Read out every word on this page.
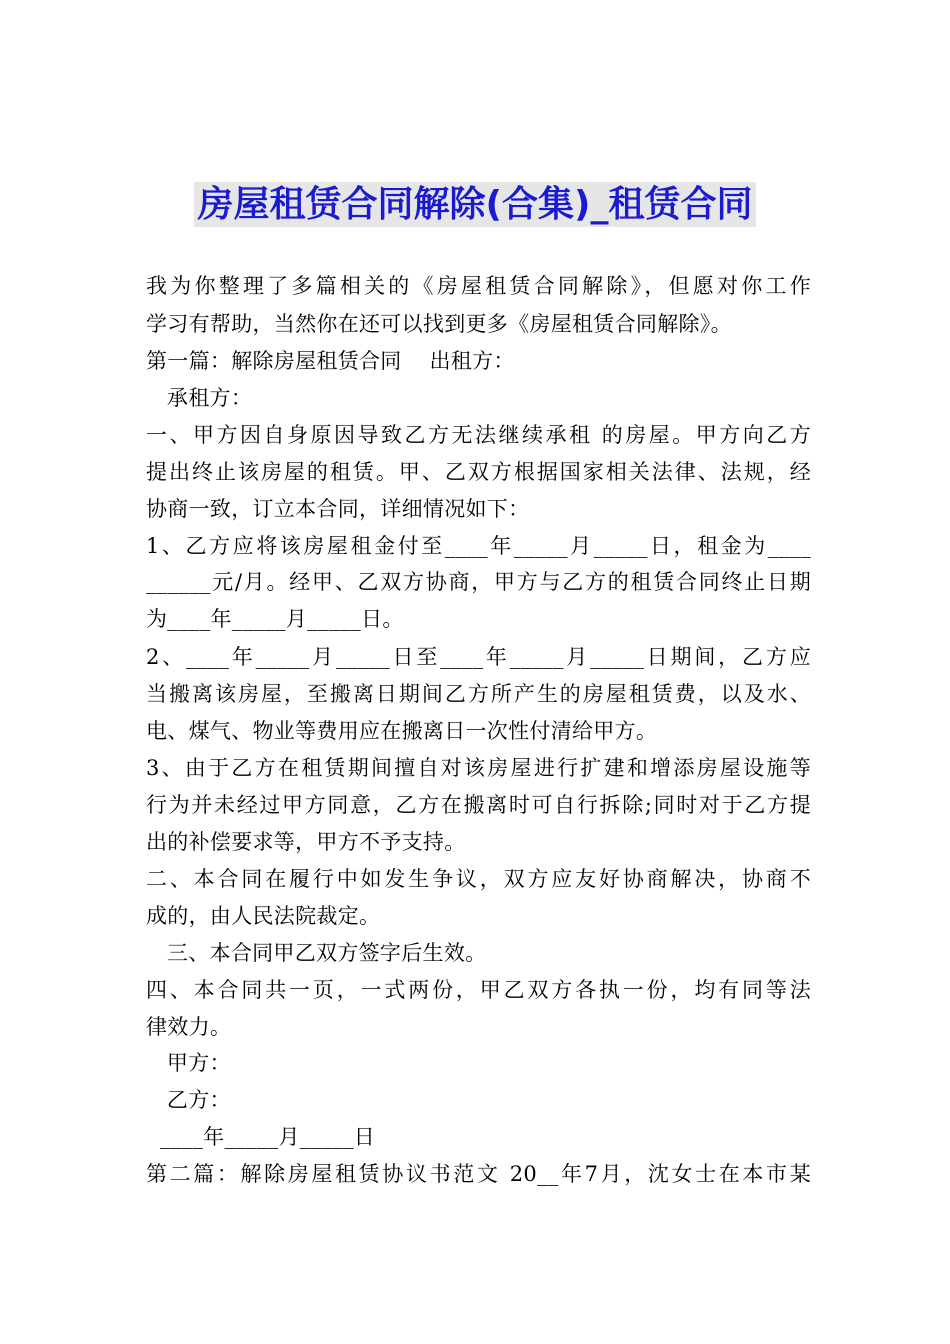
房屋租赁合同解除(合集)_租赁合同
我为你整理了多篇相关的《房屋租赁合同解除》，但愿对你工作
学习有帮助，当然你在还可以找到更多《房屋租赁合同解除》。
第一篇：解除房屋租赁合同    出租方：
承租方：
一、甲方因自身原因导致乙方无法继续承租 的房屋。甲方向乙方
提出终止该房屋的租赁。甲、乙双方根据国家相关法律、法规，经
协商一致，订立本合同，详细情况如下：
1、乙方应将该房屋租金付至____年_____月_____日，租金为____
______元/月。经甲、乙双方协商，甲方与乙方的租赁合同终止日期
为____年_____月_____日。
2、____年_____月_____日至____年_____月_____日期间，乙方应
当搬离该房屋，至搬离日期间乙方所产生的房屋租赁费，以及水、
电、煤气、物业等费用应在搬离日一次性付清给甲方。
3、由于乙方在租赁期间擅自对该房屋进行扩建和增添房屋设施等
行为并未经过甲方同意，乙方在搬离时可自行拆除;同时对于乙方提
出的补偿要求等，甲方不予支持。
二、本合同在履行中如发生争议，双方应友好协商解决，协商不
成的，由人民法院裁定。
三、本合同甲乙双方签字后生效。
四、本合同共一页，一式两份，甲乙双方各执一份，均有同等法
律效力。
甲方：
乙方：
____年_____月_____日
第二篇：解除房屋租赁协议书范文 20__年7月，沈女士在本市某
